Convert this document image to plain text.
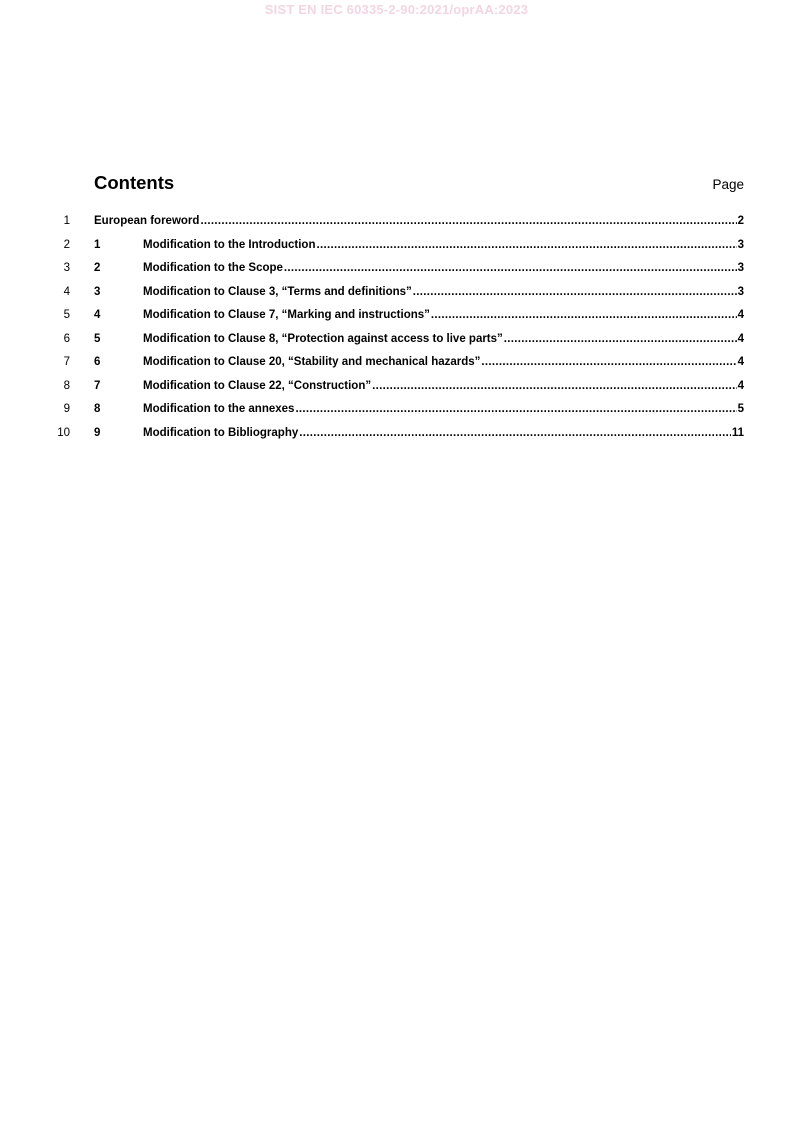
SIST EN IEC 60335-2-90:2021/oprAA:2023
Contents	Page
1 European foreword .....	2
2 1	Modification to the Introduction .....	3
3 2	Modification to the Scope .....	3
4 3	Modification to Clause 3, “Terms and definitions” .....	3
5 4	Modification to Clause 7, “Marking and instructions” .....	4
6 5	Modification to Clause 8, “Protection against access to live parts” .....	4
7 6	Modification to Clause 20, “Stability and mechanical hazards” .....	4
8 7	Modification to Clause 22, “Construction” .....	4
9 8	Modification to the annexes .....	5
10 9	Modification to Bibliography .....	11
